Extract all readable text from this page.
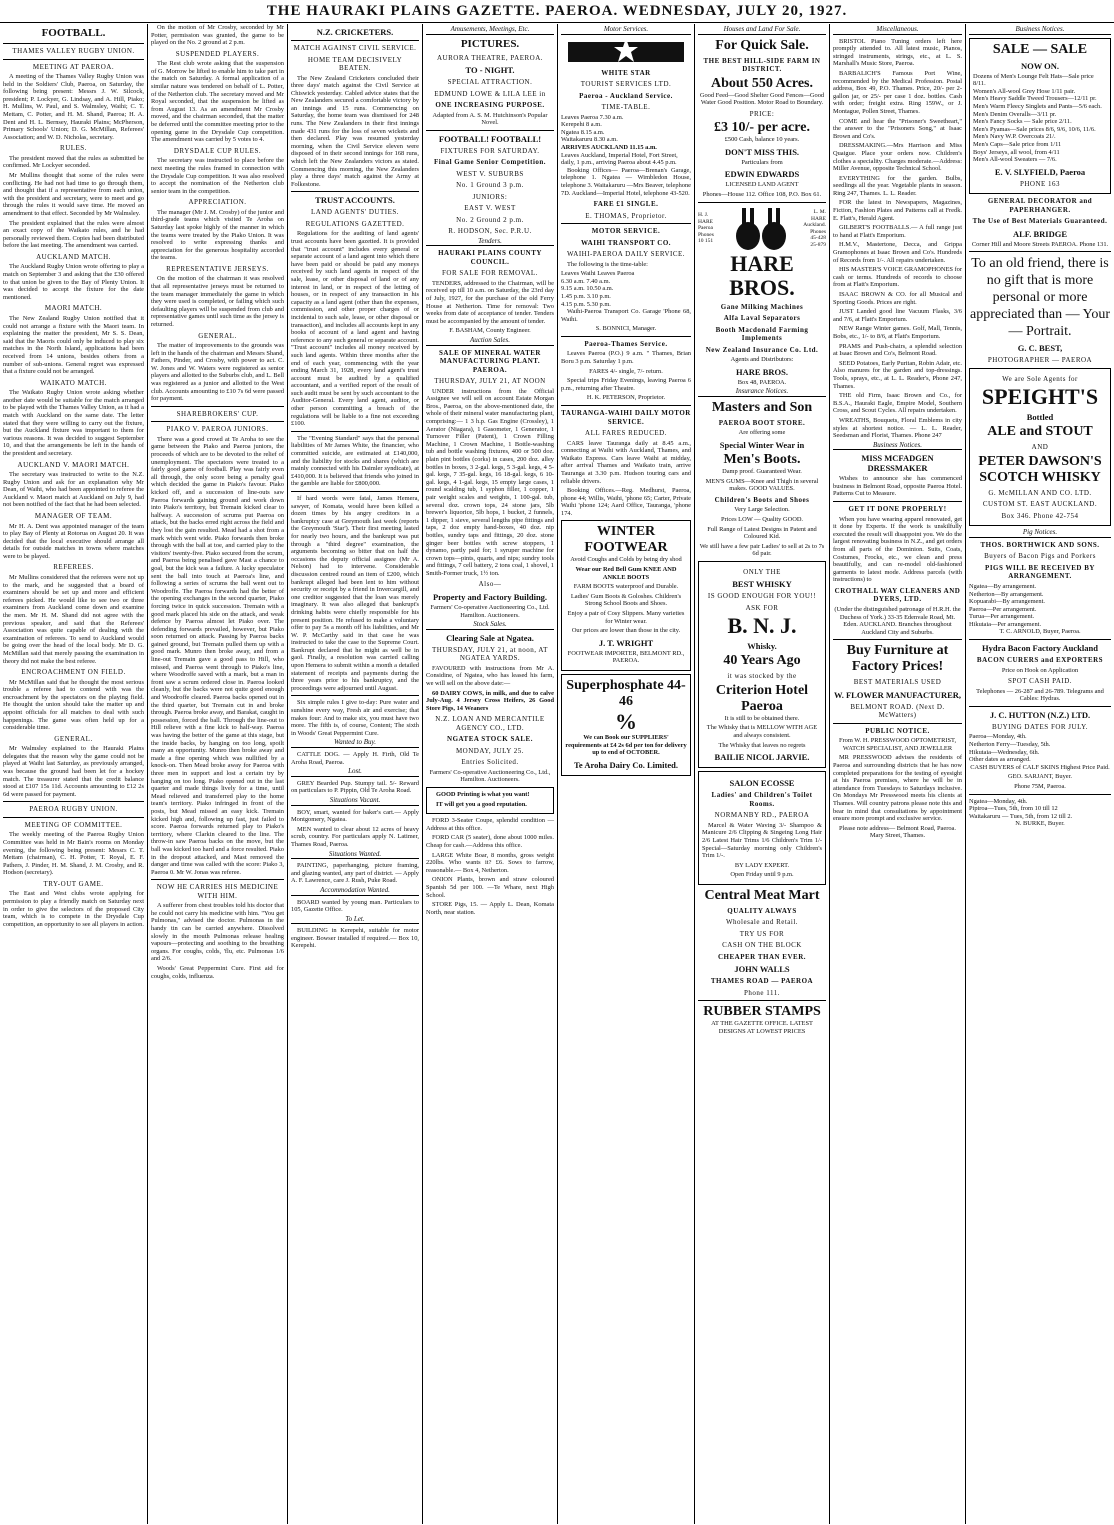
THE HAURAKI PLAINS GAZETTE. PAEROA. WEDNESDAY, JULY 20, 1927.
FOOTBALL.
THAMES VALLEY RUGBY UNION.
MEETING AT PAEROA.

A meeting of the Thames Valley Rugby Union was held in the Soldiers' Club, Paeroa, on Saturday, the following being present: Messrs J. W. Silcock, president; P. Lockyer, G. Lindsay, and A. Hill, Piako; H. Mullins, W. Paul, and S. Walmsley, Waihi; C. T. Mettam, C. Potter, and H. M. Shand, Paeroa; H. A. Dent and H. L. Bernsey, Hauraki Plains; McPherson, Primary Schools' Union; D. G. McMillan, Referees' Association; and W. D. Nicholas, secretary.

RULES.

The president moved that the rules as submitted be confirmed. Mr Lockyer seconded.

Mr Mullins thought that some of the rules were conflicting. He had not had time to go through them, and thought that if a representative from each union, with the president and secretary, were to meet and go through the rules it would save time. He moved an amendment to that effect. Seconded by Mr Walmsley.

The president explained that the rules were almost an exact copy of the Waikato rules, and he had personally reviewed them. Copies had been distributed before the last meeting. The amendment was carried.

AUCKLAND MATCH.

The Auckland Rugby Union wrote offering to play a match on September 3 and asking that the £30 offered to that union be given to the Bay of Plenty Union. It was decided to accept the fixture for the date mentioned.

MAORI MATCH.

The New Zealand Rugby Union notified that it could not arrange a fixture with the Maori team. In explaining the matter the president, Mr S. S. Dean, said that the Maoris could only be induced to play six matches in the North Island, applications had been received from 14 unions, besides others from a number of sub-unions. General regret was expressed that a fixture could not be arranged.

WAIKATO MATCH.

The Waikato Rugby Union wrote asking whether another date would be suitable for the match arranged to be played with the Thames Valley Union, as it had a match with Auckland on the same date. The letter stated that they were willing to carry out the fixture, but the Auckland fixture was important to them for various reasons. It was decided to suggest September 10, and that the arrangements be left in the hands of the president and secretary.

AUCKLAND V. MAORI MATCH.

The secretary was instructed to write to the N.Z. Rugby Union and ask for an explanation why Mr Dean, of Waihi, who had been appointed to referee the Auckland v. Maori match at Auckland on July 9, had not been notified of the fact that he had been selected.

MANAGER OF TEAM.

Mr H. A. Dent was appointed manager of the team to play Bay of Plenty at Rotorua on August 20. It was decided that the local executive should arrange all details for outside matches in towns where matches were to be played.

REFEREES.

Mr Mullins considered that the referees were not up to the mark, and he suggested that a board of examiners should be set up and more and efficient referees picked. He would like to see two or three examiners from Auckland come down and examine the men. Mr H. M. Shand did not agree with the previous speaker, and said that the Referees' Association was quite capable of dealing with the examination of referees. To send to Auckland would be going over the head of the local body. Mr D. G. McMillan said that merely passing the examination in theory did not make the best referee.

ENCROACHMENT ON FIELD.

Mr McMillan said that he thought the most serious trouble a referee had to contend with was the encroachment by the spectators on the playing field. He thought the union should take the matter up and appoint officials for all matches to deal with such happenings. The game was often held up for a considerable time.

GENERAL.

Mr Walmsley explained to the Hauraki Plains delegates that the reason why the game could not be played at Waihi last Saturday, as previously arranged, was because the ground had been let for a hockey match. The treasurer stated that the credit balance stood at £107 15s 11d. Accounts amounting to £12 2s 6d were passed for payment.

PAEROA RUGBY UNION.
MEETING OF COMMITTEE.

The weekly meeting of the Paeroa Rugby Union Committee was held in Mr Bain's rooms on Monday evening, the following being present: Messrs C. T. Mettam (chairman), C. H. Potter, T. Royal, E. F. Pathers, J. Pinder, H. M. Shand, J. M. Crosby, and R. Hodson (secretary).

TRY-OUT GAME.

The East and West clubs wrote applying for permission to play a friendly match on Saturday next in order to give the selectors of the proposed City team, which is to compete in the Drysdale Cup competition, an opportunity to see all players in action.

On the motion of Mr Crosby, seconded by Mr Potter, permission was granted, the game to be played on the No. 2 ground at 2 p.m.

SUSPENDED PLAYERS.

The Rest club wrote asking that the suspension of G. Morrow be lifted to enable him to take part in the match on Saturday. A formal application of a similar nature was tendered on behalf of L. Potter, of the Netherton club. The secretary moved and Mr Royal seconded, that the suspension be lifted as from August 13. As an amendment Mr Crosby moved, and the chairman seconded, that the matter be deferred until the committee meeting prior to the opening game in the Drysdale Cup competition. The amendment was carried by 5 votes to 4.

DRYSDALE CUP RULES.

The secretary was instructed to place before the next meeting the rules framed in connection with the Drysdale Cup competition. It was also resolved to accept the nomination of the Netherton club senior team in the competition.

APPRECIATION.

The manager (Mr J. M. Crosby) of the junior and third-grade teams which visited Te Aroha on Saturday last spoke highly of the manner in which the teams were treated by the Piako Union. It was resolved to write expressing thanks and appreciation for the generous hospitality accorded the teams.

REPRESENTATIVE JERSEYS.

On the motion of the chairman it was resolved that all representative jerseys must be returned to the team manager immediately the game in which they were used is completed, or failing which such defaulting players will be suspended from club and representative games until such time as the jersey is returned.

GENERAL.

The matter of improvements to the grounds was left in the hands of the chairman and Messrs Shand, Fathers, Pinder, and Crosby, with power to act. C. W. Jones and W. Waters were registered as senior players and allotted to the Suburbs club, and L. Bell was registered as a junior and allotted to the West club. Accounts amounting to £10 7s 6d were passed for payment.

SHAREBROKERS' CUP.
PIAKO V. PAEROA JUNIORS.

There was a good crowd at Te Aroha to see the game between the Piako and Paeroa juniors, the proceeds of which are to be devoted to the relief of unemployment. The spectators were treated to a fairly good game of football. Play was fairly even all through, the only score being a penalty goal which decided the game in Piako's favour. Piako kicked off, and a succession of line-outs saw Paeroa forwards gaining ground and work down into Piako's territory, but Tremain kicked clear to halfway. A succession of scrums put Paeroa on attack, but the backs erred right across the field and they lost the gain resulted. Mead had a shot from a mark which went wide. Piako forwards then broke through with the ball at toe, and carried play to the visitors' twenty-five. Piako secured from the scrum, and Paeroa being penalised gave Mast a chance to goal, but the kick was a failure. A lucky speculator sent the ball into touch at Paeroa's line, and following a series of scrums the ball went out to Woodroffe. The Paeroa forwards had the better of the opening exchanges in the second quarter, Piako forcing twice in quick succession. Tremain with a good mark placed his side on the attack, and weak defence by Paeroa almost let Piako over. The defending forwards prevailed, however, but Piako soon returned on attack. Passing by Paeroa backs gained ground, but Tremain pulled them up with a good mark. Munro then broke away, and from a line-out Tremain gave a good pass to Hill, who missed, and Paeroa went through to Piako's line, where Woodroffe saved with a mark, but a man in front saw a scrum ordered close in. Paeroa looked cleanly, but the backs were not quite good enough and Woodroffe cleared. Paeroa backs opened out in the third quarter, but Tremain cut in and broke through. Paeroa broke away, and Barakat, caught in possession, forced the ball. Through the line-out to Hill relieve with a fine kick to half-way. Paeroa was having the better of the game at this stage, but the inside backs, by hanging on too long, spoilt many an opportunity. Munro then broke away and made a fine opening which was nullified by a knock-on. Then Mead broke away for Paeroa with three men in support and lost a certain try by hanging on too long. Piako opened out in the last quarter and made things lively for a time, until Mead relieved and transferred play to the home team's territory. Piako infringed in front of the posts, but Mead missed an easy kick. Tremain kicked high and, following up fast, just failed to score. Paeroa forwards returned play to Piako's territory, where Clarkin cleared to the line. The throw-in saw Paeroa backs on the move, but the ball was kicked too hard and a force resulted. Piako in the dropout attacked, and Mast removed the danger and time was called with the score: Piako 3, Paeroa 0. Mr W. Jonas was referee.

NOW HE CARRIES HIS MEDICINE WITH HIM.

A sufferer from chest troubles told his doctor that he could not carry his medicine with him. "You get Pulmonas," advised the doctor. Pulmonas in the handy tin can be carried anywhere. Dissolved slowly in the mouth Pulmonas release healing vapours—protecting and soothing to the breathing organs. For coughs, colds, 'flu, etc. Pulmonas 1/6 and 2/6.

Woods' Great Peppermint Cure. First aid for coughs, colds, influenza.

N.Z. CRICKETERS.
MATCH AGAINST CIVIL SERVICE.
HOME TEAM DECISIVELY BEATEN.

The New Zealand Cricketers concluded their three days' match against the Civil Service at Chiswick yesterday. Cabled advice states that the New Zealanders secured a comfortable victory by an innings and 15 runs. Commencing on Saturday, the home team was dismissed for 248 runs. The New Zealanders in their first innings made 431 runs for the loss of seven wickets and then declared. Play was resumed yesterday morning, when the Civil Service eleven were disposed of in their second innings for 168 runs, which left the New Zealanders victors as stated. Commencing this morning, the New Zealanders play a three days' match against the Army at Folkestone.

TRUST ACCOUNTS.
LAND AGENTS' DUTIES.
REGULATIONS GAZETTED.

Regulations for the auditing of land agents' trust accounts have been gazetted. It is provided that "trust account" includes every general or separate account of a land agent into which there have been paid or should be paid any moneys received by such land agents in respect of the sale, lease, or other disposal of land or of any interest in land, or in respect of the letting of houses, or in respect of any transaction in his capacity as a land agent (other than the expenses, commission, and other proper charges of or incidental to such sale, lease, or other disposal or transaction), and includes all accounts kept in any books of account of a land agent and having reference to any such general or separate account. "Trust account" includes all money received by such land agents. Within three months after the end of each year, commencing with the year ending March 31, 1928, every land agent's trust account must be audited by a qualified accountant, and a verified report of the result of such audit must be sent by such accountant to the Auditor-General. Every land agent, auditor, or other person committing a breach of the regulations will be liable to a fine not exceeding £100.

The "Evening Standard" says that the personal liabilities of Mr James White, the financier, who committed suicide, are estimated at £140,000, and the liability for stocks and shares (which are mainly connected with his Daimler syndicate), at £410,000. It is believed that friends who joined in the gamble are liable for £800,000.

If hard words were fatal, James Hemera, sawyer, of Komata, would have been killed a dozen times by his angry creditors in a bankruptcy case at Greymouth last week (reports the Greymouth 'Star'). Their first meeting lasted for nearly two hours, and the bankrupt was put through a "third degree" examination, the arguments becoming so bitter that on half the occasions the deputy official assignee (Mr A. Nelson) had to intervene. Considerable discussion centred round an item of £200, which bankrupt alleged had been lent to him without security or receipt by a friend in Invercargill, and one creditor suggested that the loan was merely imaginary. It was also alleged that bankrupt's drinking habits were chiefly responsible for his present position. He refused to make a voluntary offer to pay 5s a month off his liabilities, and Mr W. P. McCarthy said in that case he was instructed to take the case to the Supreme Court. Bankrupt declared that he might as well be in gaol. Finally, a resolution was carried calling upon Hemera to submit within a month a detailed statement of receipts and payments during the three years prior to his bankruptcy, and the proceedings were adjourned until August.

Six simple rules I give to-day: Pure water and sunshine every way, Fresh air and exercise; that makes four: And to make six, you must have two more. The fifth is, of course, Content; The sixth in Woods' Great Peppermint Cure.

Wanted to Buy.

CATTLE DOG. — Apply H. Firth, Old Te Aroha Road, Paeroa.

Lost.

GREY Bearded Pup. Stumpy tail. 5/- Reward on particulars to P. Pippin, Old Te Aroha Road.

Situations Vacant.

BOY, smart, wanted for baker's cart.— Apply Montgomery, Ngatea.

MEN wanted to clear about 12 acres of heavy scrub, country. For particulars apply N. Latimer, Thames Road, Paeroa.

Situations Wanted.

PAINTING, paperhanging, picture framing, and glazing wanted, any part of district. — Apply A. F. Lawrence, care J. Rush, Puke Road.

Accommodation Wanted.

BOARD wanted by young man. Particulars to 105, Gazette Office.

To Let.

BUILDING in Kerepehi, suitable for motor engineer. Bowser installed if required.— Box 10, Kerepehi.

Amusements, Meetings, Etc.
PICTURES.
AURORA THEATRE, PAEROA.
TO - NIGHT.
SPECIAL ATTRACTION.
EDMUND LOWE & LILA LEE in
ONE INCREASING PURPOSE.

Adapted from A. S. M. Hutchinson's Popular Novel.

FOOTBALL! FOOTBALL!
FIXTURES FOR SATURDAY.
Final Game Senior Competition.
WEST V. SUBURBS
No. 1 Ground 3 p.m.
JUNIORS:
EAST V. WEST
No. 2 Ground 2 p.m.
R. HODSON, Sec. P.R.U.
Tenders.
HAURAKI PLAINS COUNTY COUNCIL.
FOR SALE FOR REMOVAL.

TENDERS, addressed to the Chairman, will be received up till 10 a.m. on Saturday, the 23rd day of July, 1927, for the purchase of the old Ferry House at Netherton. Time for removal: Two weeks from date of acceptance of tender. Tenders must be accompanied by the amount of tender.

F. BASHAM, County Engineer.

Auction Sales.
SALE OF MINERAL WATER MANUFACTURING PLANT. PAEROA.
THURSDAY, JULY 21, AT NOON

UNDER instructions from the Official Assignee we will sell on account Estate Morgan Bros., Paeroa, on the above-mentioned date, the whole of their mineral water manufacturing plant, comprising:— 1 3 h.p. Gas Engine (Crossley), 1 Aerator (Niagara), 1 Gasometer, 1 Generator, 1 Turnover Filler (Patent), 1 Crown Filling Machine, 1 Crown Machine, 1 Bottle-washing tub and bottle washing fixtures, 400 or 500 doz. plain pint bottles (corks) in cases, 200 doz. alley bottles in boxes, 3 2-gal. kegs, 5 3-gal. kegs, 4 5-gal. kegs, 7 35-gal. kegs, 16 18-gal. kegs, 6 10-gal. kegs, 4 1-gal. kegs, 15 empty large cases, 1 round scalding tub, 1 syphon filler, 1 copper, 1 pair weight scales and weights, 1 100-gal. tub, several doz. crown tops, 24 stone jars, 5lb brewer's liquorice, 5lb hops, 1 bucket, 2 funnels, 1 dipper, 1 sieve, several lengths pipe fittings and taps, 2 doz empty hand-boxes, 40 doz. nip bottles, sundry taps and fittings, 20 doz. stone ginger beer bottles with screw stoppers, 1 dynamo, partly paid for; 1 syruper machine for crown tops—pints, quarts, and nips; sundry tools and fittings, 7 cell battery, 2 tons coal, 1 shovel, 1 Smith-Former truck, 1½ ton.

Also—
Property and Factory Building.

Farmers' Co-operative Auctioneering Co., Ltd. Hamilton. Auctioneers.

Stock Sales.
Clearing Sale at Ngatea.
THURSDAY, JULY 21, at noon, AT NGATEA YARDS.

FAVOURED with instructions from Mr A. Considine, of Ngatea, who has leased his farm, we will sell on the above date:—

60 DAIRY COWS, in milk, and due to calve July-Aug. 4 Jersey Cross Heifers, 26 Good Store Pigs, 14 Weaners

N.Z. LOAN AND MERCANTILE AGENCY CO., LTD.
NGATEA STOCK SALE.
MONDAY, JULY 25.
Entries Solicited.

Farmers' Co-operative Auctioneering Co., Ltd., Hamilton. Auctioneers.

GOOD Printing is what you want!

IT will get you a good reputation.

FORD 3-Seater Coupe, splendid condition — Address at this office.

FORD CAR (5 seater), done about 1000 miles. Cheap for cash.—Address this office.

LARGE White Boar, 8 months, gross weight 220lbs. Who wants it? £6. Sows to farrow, reasonable.— Box 4, Netherton.

ONION Plants, brown and straw coloured Spanish 5d per 100. —Te Whare, next High School.

STORE Pigs, 15. — Apply L. Dean, Komata North, near station.

Motor Services.
WHITE STAR
TOURIST SERVICES LTD.
Paeroa - Auckland Service.
TIME-TABLE.
Leaves Paeroa 7.30 a.m.
Kerepehi 8 a.m.
Ngatea 8.15 a.m.
Waitakaruru 8.30 a.m.
ARRIVES AUCKLAND 11.15 a.m.
Leaves Auckland, Imperial Hotel, Fort Street, daily, 1 p.m., arriving Paeroa about 4.45 p.m.

Booking Offices— Paeroa—Brenan's Garage, telephone 1. Ngatea — Wimbledon House, telephone 3. Waitakaruru —Mrs Beaver, telephone 7D. Auckland—Imperial Hotel, telephone 43-520.

FARE £1 SINGLE.
E. THOMAS, Proprietor.
MOTOR SERVICE.
WAIHI TRANSPORT CO.
WAIHI-PAEROA DAILY SERVICE.

The following is the time-table:

Leaves Waihi Leaves Paeroa
6.30 a.m. 7.40 a.m.
9.15 a.m. 10.50 a.m.
1.45 p.m. 3.10 p.m.
4.15 p.m. 5.30 p.m.

Waihi-Paeroa Transport Co. Garage 'Phone 68, Waihi.

S. BONNICI, Manager.

Paeroa-Thames Service.

Leaves Paeroa (P.O.) 9 a.m. " Thames, Brian Boru 3 p.m. Saturday 1 p.m.

FARES 4/- single, 7/- return.

Special trips Friday Evenings, leaving Paeroa 6 p.m., returning after Theatre.

H. K. PETERSON, Proprietor.

TAURANGA-WAIHI DAILY MOTOR SERVICE.
ALL FARES REDUCED.

CARS leave Tauranga daily at 8.45 a.m., connecting at Waihi with Auckland, Thames, and Waikato Express. Cars leave Waihi at midday, after arrival Thames and Waikato train, arrive Tauranga at 3.30 p.m. Hudson touring cars and reliable drivers.

Booking Offices.—Reg. Medhurst, Paeroa, phone 44; Willis, Waihi, 'phone 65; Carter, Private Waihi 'phone 124; Aard Office, Tauranga, 'phone 174.

WINTER FOOTWEAR

Avoid Coughs and Colds by being dry shod

Wear our Red Bell Gum KNEE AND ANKLE BOOTS

FARM BOOTS waterproof and Durable.

Ladies' Gum Boots & Goloshes. Children's Strong School Boots and Shoes.

Enjoy a pair of Cosy Slippers. Many varieties for Winter wear.

Our prices are lower than those in the city.

J. T. WRIGHT

FOOTWEAR IMPORTER, BELMONT RD., PAEROA.

Superphosphate 44-46
%

We can Book our SUPPLIERS' requirements at £4 2s 6d per ton for delivery up to end of OCTOBER.

Te Aroha Dairy Co. Limited.
Houses and Land For Sale.
For Quick Sale.
THE BEST HILL-SIDE FARM IN DISTRICT.
About 550 Acres.

Good Feed—Good Shelter Good Fences—Good Water Good Position. Motor Road to Boundary.

PRICE:
£3 10/- per acre.

£500 Cash, balance 10 years.

DON'T MISS THIS.

Particulars from

EDWIN EDWARDS

LICENSED LAND AGENT

Phones—House 112. Office 108, P.O. Box 61.

H. J. HARE Paeroa Phones 10 151
L. M. HARE Auckland. Phones 45-428 25-879
HARE BROS.
Gane Milking Machines
Alfa Laval Separators
Booth Macdonald Farming Implements
New Zealand Insurance Co. Ltd.

Agents and Distributors:

HARE BROS.

Box 48, PAEROA.

Insurance Notices.
Masters and Son
PAEROA BOOT STORE.

Are offering some

Special Winter Wear in
Men's Boots.

Damp proof. Guaranteed Wear.

MEN'S GUMS—Knee and Thigh in several makes. GOOD VALUES.

Children's Boots and Shoes

Very Large Selection.

Prices LOW — Quality GOOD.

Full Range of Latest Designs in Patent and Coloured Kid.

We still have a few pair Ladies' to sell at 2s to 7s 6d pair.

ONLY THE
BEST WHISKY
IS GOOD ENOUGH FOR YOU!!
ASK FOR
B. N. J.
Whisky.
40 Years Ago
it was stocked by the
Criterion Hotel
Paeroa

It is still to be obtained there.

The Whisky that is MELLOW WITH AGE and always consistent.

The Whisky that leaves no regrets

BAILIE NICOL JARVIE.
SALON ECOSSE
Ladies' and Children's Toilet Rooms.
NORMANBY RD., PAEROA

Marcel & Water Waving 3/- Shampoo & Manicure 2/6 Clipping & Singeing Long Hair 2/6 Latest Hair Trims 1/6 Children's Trim 1/- Special—Saturday morning only Children's Trim 1/-.

BY LADY EXPERT.

Open Friday until 9 p.m.

Central Meat Mart
QUALITY ALWAYS
Wholesale and Retail.
TRY US FOR
CASH ON THE BLOCK
CHEAPER THAN EVER.
JOHN WALLS
THAMES ROAD — PAEROA
Phone 111.
RUBBER STAMPS

AT THE GAZETTE OFFICE. LATEST DESIGNS AT LOWEST PRICES

Miscellaneous.

BRISTOL Piano Tuning orders left here promptly attended to. All latest music, Pianos, stringed instruments, strings, etc., at L. S. Marshall's Music Store, Paeroa.

BARBALICH'S Famous Port Wine, recommended by the Medical Profession. Postal address, Box 49, P.O. Thames. Price, 20/- per 2-gallon jar, or 25/- per case 1 doz. bottles. Cash with order; freight extra. Ring 159W., or J. Montague, Pollen Street, Thames.

COME and hear the "Prisoner's Sweetheart," the answer to the "Prisoners Song," at Isaac Brown and Co's.

DRESSMAKING.—Mrs Harrison and Miss Quaigue. Place your orders now. Children's clothes a speciality. Charges moderate.—Address: Miller Avenue, opposite Technical School.

EVERYTHING for the garden. Bulbs, seedlings all the year. Vegetable plants in season. Ring 247, Thames. L. L. Reader.

FOR the latest in Newspapers, Magazines, Fiction, Fashion Plates and Patterns call at Fredk. E. Flatt's, Herald Agent.

GILBERT'S FOOTBALLS.— A full range just to hand at Flatt's Emporium.

H.M.V., Mastertone, Decca, and Grippa Gramophones at Isaac Brown and Co's. Hundreds of Records from 1/-. All repairs undertaken.

HIS MASTER'S VOICE GRAMOPHONES for cash or terms. Hundreds of records to choose from at Flatt's Emporium.

ISAAC BROWN & CO. for all Musical and Sporting Goods. Prices are right.

JUST Landed good line Vacuum Flasks, 3/6 and 7/6, at Flatt's Emporium.

NEW Range Winter games. Golf, Mall, Tennis, Bobs, etc., 1/- to 8/6, at Flatt's Emporium.

PRAMS and Push-chairs, a splendid selection at Isaac Brown and Co's, Belmont Road.

SEED Potatoes, Early Puritan, Robin Adair, etc. Also manures for the garden and top-dressings. Tools, sprays, etc., at L. L. Reader's, Phone 247, Thames.

THE old Firm, Isaac Brown and Co., for B.S.A., Hauraki Eagle, Empire Model, Southern Cross, and Scout Cycles. All repairs undertaken.

WREATHS, Bouquets, Floral Emblems in city styles at shortest notice. — L. L. Reader, Seedsman and Florist, Thames. Phone 247

Business Notices.
MISS MCFADGEN DRESSMAKER

Wishes to announce she has commenced business in Belmont Road, opposite Paeroa Hotel. Patterns Cut to Measure.

GET IT DONE PROPERLY!

When you have wearing apparel renovated, get it done by Experts. If the work is unskilfully executed the result will disappoint you. We do the largest renovating business in N.Z., and get orders from all parts of the Dominion. Suits, Coats, Costumes, Frocks, etc., we clean and press beautifully, and can re-model old-fashioned garments to latest mode. Address parcels (with instructions) to

CROTHALL WAY CLEANERS AND DYERS, LTD.

(Under the distinguished patronage of H.R.H. the Duchess of York.) 33-35 Edenvale Road, Mt. Eden. AUCKLAND. Branches throughout Auckland City and Suburbs.

Buy Furniture at Factory Prices!
BEST MATERIALS USED
W. FLOWER MANUFACTURER,
BELMONT ROAD. (Next D. McWatters)
PUBLIC NOTICE.

From W. H. PRESSWOOD OPTOMETRIST, WATCH SPECIALIST, AND JEWELLER

MR PRESSWOOD advises the residents of Paeroa and surrounding districts that he has now completed preparations for the testing of eyesight at his Paeroa premises, where he will be in attendance from Tuesdays to Saturdays inclusive. On Mondays Mr Presswood meets his clients at Thames. Will country patrons please note this and bear in mind that consultations by appointment ensure more prompt and exclusive service.

Please note address— Belmont Road, Paeroa. Mary Street, Thames.

Business Notices.
SALE — SALE
NOW ON.
Dozens of Men's Lounge Felt Hats—Sale price 8/11.
Women's All-wool Grey Hose 1/11 pair.
Men's Heavy Saddle Tweed Trousers—12/11 pr.
Men's Warm Fleecy Singlets and Pants—5/6 each.
Men's Denim Overalls—3/11 pr.
Men's Fancy Socks — Sale price 2/11.
Men's Pyamas—Sale prices 8/6, 9/6, 10/6, 11/6.
Men's Navy W.P. Overcoats 21/.
Men's Caps—Sale price from 1/11
Boys' Jerseys, all wool, from 4/11
Men's All-wool Sweaters — 7/6.
E. V. SLYFIELD, Paeroa
PHONE 163
GENERAL DECORATOR and PAPERHANGER.
The Use of Best Materials Guaranteed.
ALF. BRIDGE

Corner Hill and Moore Streets PAEROA. Phone 131.

To an old friend, there is no gift that is more personal or more appreciated than — Your — Portrait.
G. C. BEST,
PHOTOGRAPHER — PAEROA
We are Sole Agents for
SPEIGHT'S
Bottled
ALE and STOUT
AND
PETER DAWSON'S
SCOTCH WHISKY
G. McMILLAN AND CO. LTD.
CUSTOM ST. EAST AUCKLAND.
Box 346. Phone 42-754
Pig Notices.
THOS. BORTHWICK AND SONS.
Buyers of Bacon Pigs and Porkers
PIGS WILL BE RECEIVED BY ARRANGEMENT.
Ngatea—By arrangement.
Netherton—By arrangement.
Kopuarabi—By arrangement.
Paeroa—Per arrangement.
Turua—Per arrangement.
Hikutaia—Per arrangement.

T. C. ARNOLD, Buyer, Paeroa.

Hydra Bacon Factory Auckland
BACON CURERS and EXPORTERS

Price on Hook on Application

SPOT CASH PAID.

Telephones — 26-287 and 26-789. Telegrams and Cables: Hydras.

J. C. HUTTON (N.Z.) LTD.
BUYING DATES FOR JULY.
Paeroa—Monday, 4th.
Netherton Ferry—Tuesday, 5th.
Hikutaia—Wednesday, 6th.
Other dates as arranged.

CASH BUYERS of CALF SKINS Highest Price Paid.

GEO. SARJANT, Buyer.

Phone 75M, Paeroa.

Ngatea—Monday, 4th.
Pipiroa—Tues, 5th, from 10 till 12
Waitakaruru — Tues, 5th, from 12 till 2.

N. BURKE, Buyer.
